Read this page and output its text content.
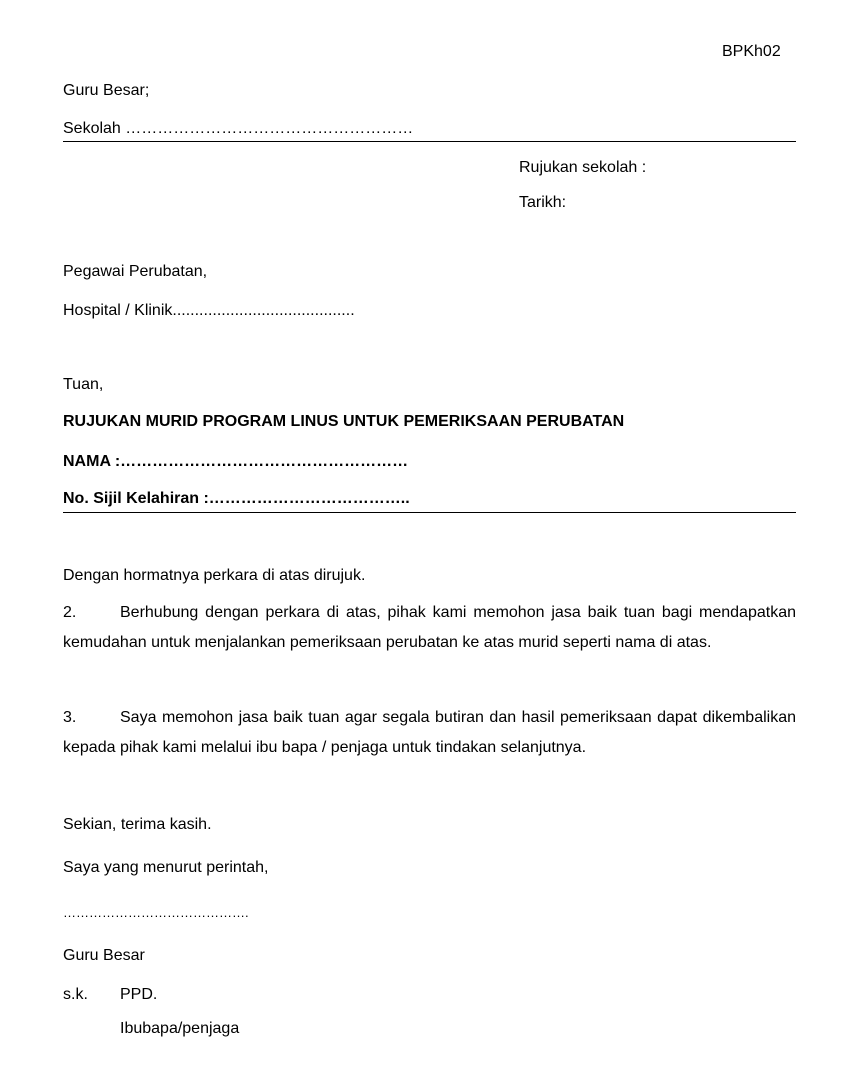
BPKh02
Guru Besar;
Sekolah ………………………………………………
Rujukan sekolah :
Tarikh:
Pegawai Perubatan,
Hospital / Klinik.........................................
Tuan,
RUJUKAN MURID PROGRAM LINUS UNTUK PEMERIKSAAN PERUBATAN
NAMA :………………………………………………
No. Sijil Kelahiran :………………………………..
Dengan hormatnya perkara di atas dirujuk.
2.	Berhubung dengan perkara di atas, pihak kami memohon jasa baik tuan bagi mendapatkan kemudahan untuk menjalankan pemeriksaan perubatan ke atas murid seperti nama di atas.
3.	Saya memohon jasa baik tuan agar segala butiran dan hasil pemeriksaan dapat dikembalikan kepada pihak kami melalui ibu bapa / penjaga untuk tindakan selanjutnya.
Sekian, terima kasih.
Saya yang menurut perintah,
…………………………………….
Guru Besar
s.k. PPD.
Ibubapa/penjaga
